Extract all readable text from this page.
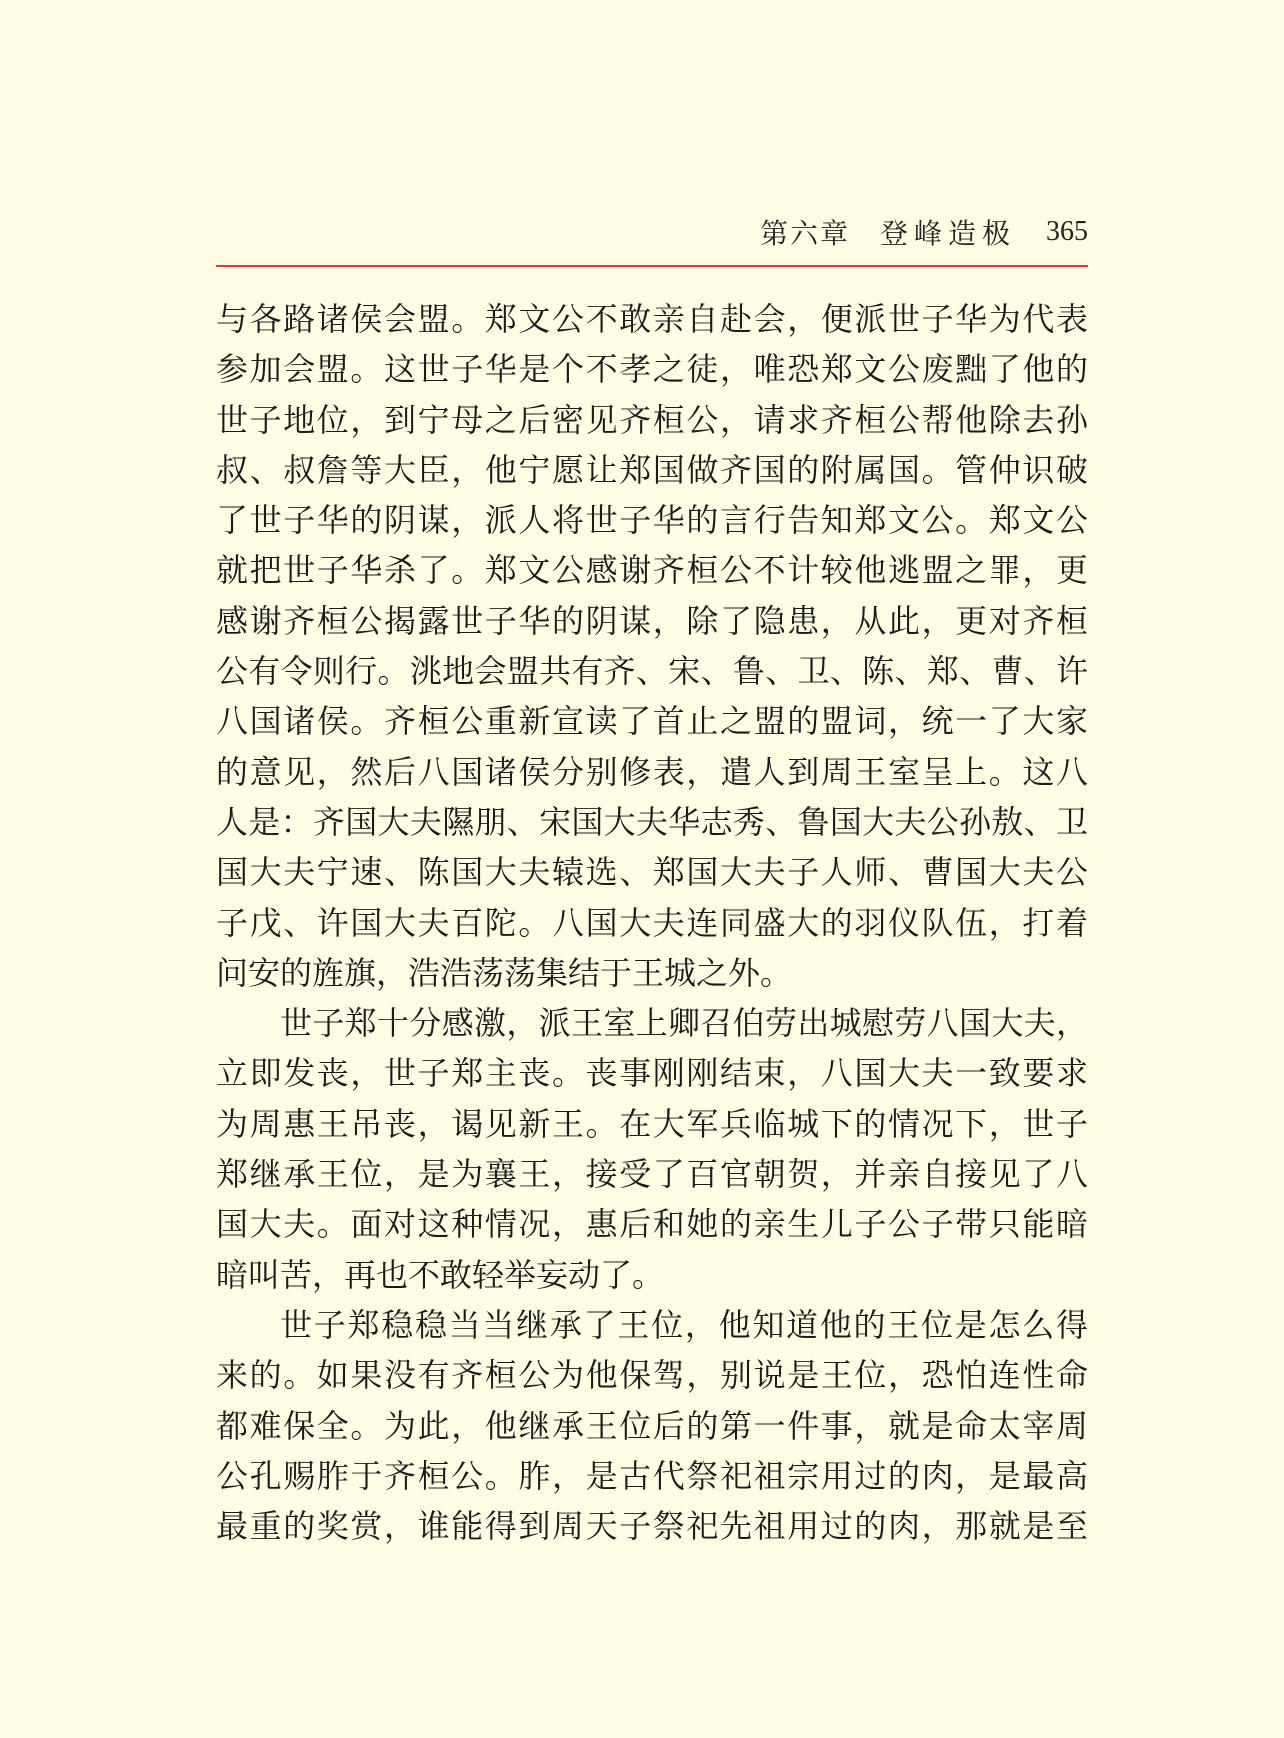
第六章 登峰造极 365
与各路诸侯会盟。郑文公不敢亲自赴会，便派世子华为代表
参加会盟。这世子华是个不孝之徒，唯恐郑文公废黜了他的
世子地位，到宁母之后密见齐桓公，请求齐桓公帮他除去孙
叔、叔詹等大臣，他宁愿让郑国做齐国的附属国。管仲识破
了世子华的阴谋，派人将世子华的言行告知郑文公。郑文公
就把世子华杀了。郑文公感谢齐桓公不计较他逃盟之罪，更
感谢齐桓公揭露世子华的阴谋，除了隐患，从此，更对齐桓
公有令则行。洮地会盟共有齐、宋、鲁、卫、陈、郑、曹、许
八国诸侯。齐桓公重新宣读了首止之盟的盟词，统一了大家
的意见，然后八国诸侯分别修表，遣人到周王室呈上。这八
人是：齐国大夫隰朋、宋国大夫华志秀、鲁国大夫公孙敖、卫
国大夫宁速、陈国大夫辕选、郑国大夫子人师、曹国大夫公
子戊、许国大夫百陀。八国大夫连同盛大的羽仪队伍，打着
问安的旌旗，浩浩荡荡集结于王城之外。
世子郑十分感激，派王室上卿召伯劳出城慰劳八国大夫，
立即发丧，世子郑主丧。丧事刚刚结束，八国大夫一致要求
为周惠王吊丧，谒见新王。在大军兵临城下的情况下，世子
郑继承王位，是为襄王，接受了百官朝贺，并亲自接见了八
国大夫。面对这种情况，惠后和她的亲生儿子公子带只能暗
暗叫苦，再也不敢轻举妄动了。
世子郑稳稳当当继承了王位，他知道他的王位是怎么得
来的。如果没有齐桓公为他保驾，别说是王位，恐怕连性命
都难保全。为此，他继承王位后的第一件事，就是命太宰周
公孔赐胙于齐桓公。胙，是古代祭祀祖宗用过的肉，是最高
最重的奖赏，谁能得到周天子祭祀先祖用过的肉，那就是至
